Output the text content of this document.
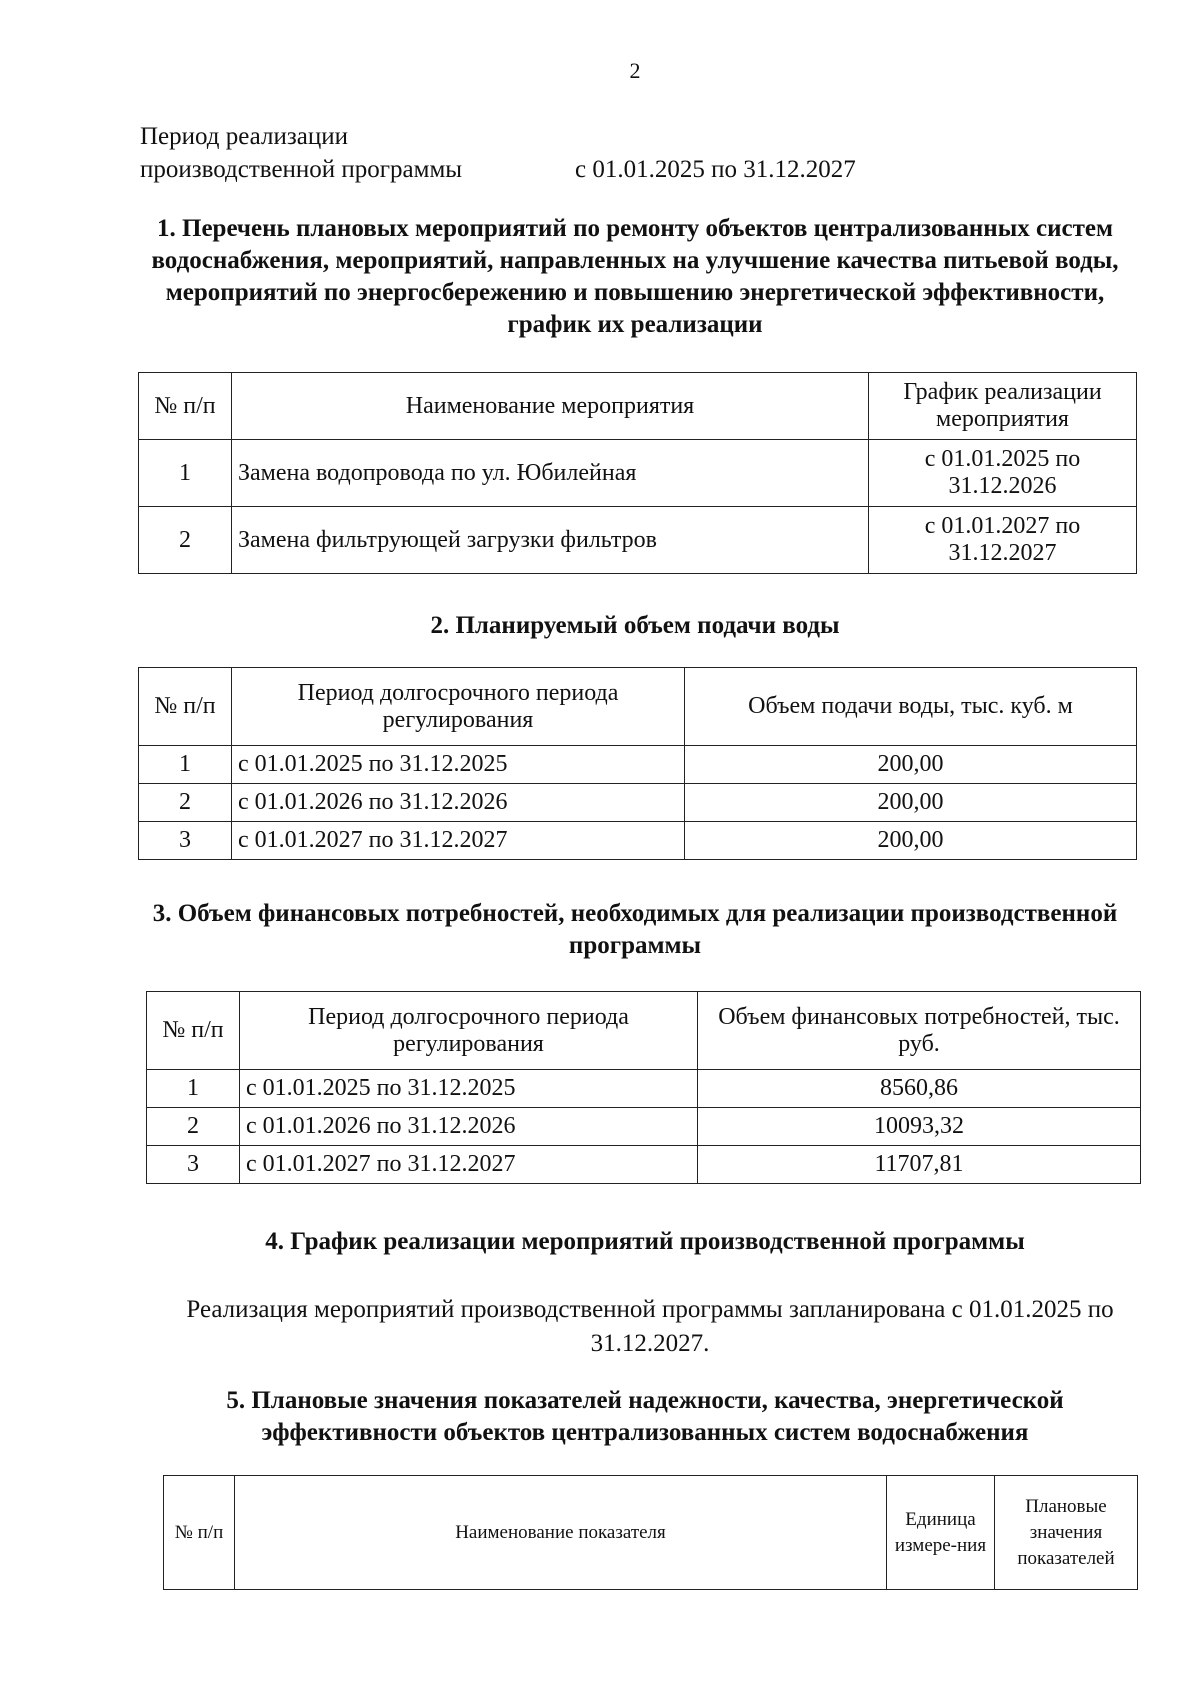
2
Период реализации
производственной программы	с 01.01.2025 по 31.12.2027
1. Перечень плановых мероприятий по ремонту объектов централизованных систем водоснабжения, мероприятий, направленных на улучшение качества питьевой воды, мероприятий по энергосбережению и повышению энергетической эффективности, график их реализации
№ п/п	Наименование мероприятия	График реализации мероприятия
1	Замена водопровода по ул. Юбилейная	с 01.01.2025 по 31.12.2026
2	Замена фильтрующей загрузки фильтров	с 01.01.2027 по 31.12.2027
2. Планируемый объем подачи воды
№ п/п	Период долгосрочного периода регулирования	Объем подачи воды, тыс. куб. м
1	с 01.01.2025 по 31.12.2025	200,00
2	с 01.01.2026 по 31.12.2026	200,00
3	с 01.01.2027 по 31.12.2027	200,00
3. Объем финансовых потребностей, необходимых для реализации производственной программы
№ п/п	Период долгосрочного периода регулирования	Объем финансовых потребностей, тыс. руб.
1	с 01.01.2025 по 31.12.2025	8560,86
2	с 01.01.2026 по 31.12.2026	10093,32
3	с 01.01.2027 по 31.12.2027	11707,81
4. График реализации мероприятий производственной программы
Реализация мероприятий производственной программы запланирована с 01.01.2025 по 31.12.2027.
5. Плановые значения показателей надежности, качества, энергетической эффективности объектов централизованных систем водоснабжения
№ п/п	Наименование показателя	Единица измере-ния	Плановые значения показателей
